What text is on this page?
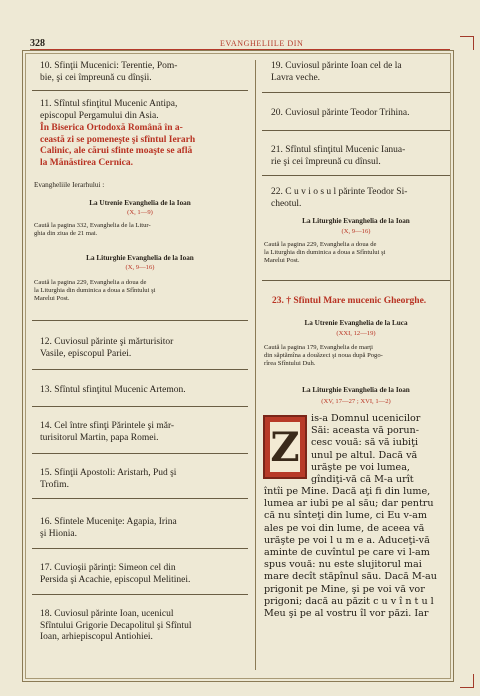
328	EVANGHELIILE DIN
10. Sfinţii Mucenici: Terentie, Pom-
bie, şi cei împreună cu dînşii.
11. Sfîntul sfinţitul Mucenic Antipa,
episcopul Pergamului din Asia.
În Biserica Ortodoxă Română în a-
ceastă zi se pomeneşte şi sfîntul Ierarh
Calinic, ale cărui sfinte moaşte se află
la Mănăstirea Cernica.
Evangheliile Ierarhului :
La Utrenie Evanghelia de la Ioan
(X, 1—9)
Caută la pagina 332, Evanghelia de la Litur-
ghia din ziua de 21 mai.
La Liturghie Evanghelia de la Ioan
(X, 9—16)
Caută la pagina 229, Evanghelia a doua de
la Liturghia din duminica a doua a Sfîntului şi
Marelui Post.
12. Cuviosul părinte şi mărturisitor
Vasile, episcopul Pariei.
13. Sfîntul sfinţitul Mucenic Artemon.
14. Cel între sfinţi Părintele şi măr-
turisitorul Martin, papa Romei.
15. Sfinţii Apostoli: Aristarh, Pud şi
Trofim.
16. Sfintele Muceniţe: Agapia, Irina
şi Hionia.
17. Cuvioşii părinţi: Simeon cel din
Persida şi Acachie, episcopul Melitinei.
18. Cuviosul părinte Ioan, ucenicul
Sfîntului Grigorie Decapolitul şi Sfîntul
Ioan, arhiepiscopul Antiohiei.
19. Cuviosul părinte Ioan cel de la
Lavra veche.
20. Cuviosul părinte Teodor Trihina.
21. Sfîntul sfinţitul Mucenic Ianua-
rie şi cei împreună cu dînsul.
22. C u v i o s u l părinte Teodor Si-
cheotul.
La Liturghie Evanghelia de la Ioan
(X, 9—16)
Caută la pagina 229, Evanghelia a doua de
la Liturghia din duminica a doua a Sfîntului şi
Marelui Post.
23. † Sfîntul Mare mucenic Gheorghe.
La Utrenie Evanghelia de la Luca
(XXI, 12—19)
Caută la pagina 179, Evanghelia de marţi
din săptămîna a douăzeci şi noua după Pogo-
rîrea Sfîntului Duh.
La Liturghie Evanghelia de la Ioan
(XV, 17—27 ; XVI, 1—2)
Z
is-a Domnul ucenicilor
Săi: aceasta vă porun-
cesc vouă: să vă iubiţi
unul pe altul. Dacă vă
urăşte pe voi lumea,
gîndiţi-vă că M-a urît
întîi pe Mine. Dacă aţi fi din lume,
lumea ar iubi pe al său; dar pentru
că nu sînteţi din lume, ci Eu v-am
ales pe voi din lume, de aceea vă
urăşte pe voi l u m e a. Aduceţi-vă
aminte de cuvîntul pe care vi l-am
spus vouă: nu este slujitorul mai
mare decît stăpînul său. Dacă M-au
prigonit pe Mine, şi pe voi vă vor
prigoni; dacă au păzit c u v î n t u l
Meu şi pe al vostru îl vor păzi. Iar
